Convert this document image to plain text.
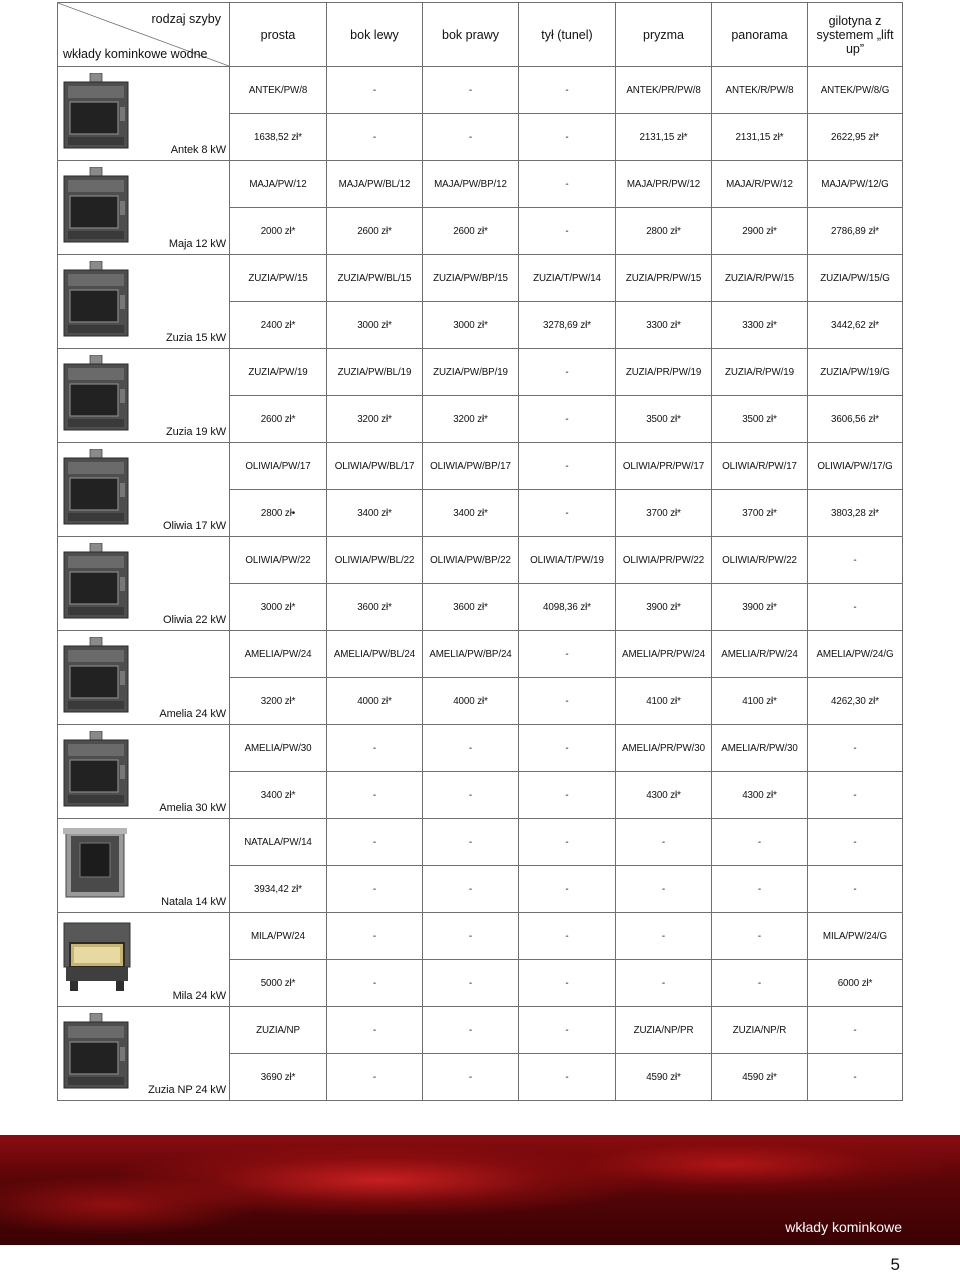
rodzaj szyby
wkłady kominkowe wodne	prosta	bok lewy	bok prawy	tył (tunel)	pryzma	panorama	gilotyna z systemem „lift up”

Antek 8 kW	ANTEK/PW/8	-	-	-	ANTEK/PR/PW/8	ANTEK/R/PW/8	ANTEK/PW/8/G
	1638,52 zł*	-	-	-	2131,15 zł*	2131,15 zł*	2622,95 zł*

Maja 12 kW	MAJA/PW/12	MAJA/PW/BL/12	MAJA/PW/BP/12	-	MAJA/PR/PW/12	MAJA/R/PW/12	MAJA/PW/12/G
	2000 zł*	2600 zł*	2600 zł*	-	2800 zł*	2900 zł*	2786,89 zł*

Zuzia 15 kW	ZUZIA/PW/15	ZUZIA/PW/BL/15	ZUZIA/PW/BP/15	ZUZIA/T/PW/14	ZUZIA/PR/PW/15	ZUZIA/R/PW/15	ZUZIA/PW/15/G
	2400 zł*	3000 zł*	3000 zł*	3278,69 zł*	3300 zł*	3300 zł*	3442,62 zł*

Zuzia 19 kW	ZUZIA/PW/19	ZUZIA/PW/BL/19	ZUZIA/PW/BP/19	-	ZUZIA/PR/PW/19	ZUZIA/R/PW/19	ZUZIA/PW/19/G
	2600 zł*	3200 zł*	3200 zł*	-	3500 zł*	3500 zł*	3606,56 zł*

Oliwia 17 kW	OLIWIA/PW/17	OLIWIA/PW/BL/17	OLIWIA/PW/BP/17	-	OLIWIA/PR/PW/17	OLIWIA/R/PW/17	OLIWIA/PW/17/G
	2800 zł•	3400 zł*	3400 zł*	-	3700 zł*	3700 zł*	3803,28 zł*

Oliwia 22 kW	OLIWIA/PW/22	OLIWIA/PW/BL/22	OLIWIA/PW/BP/22	OLIWIA/T/PW/19	OLIWIA/PR/PW/22	OLIWIA/R/PW/22	-
	3000 zł*	3600 zł*	3600 zł*	4098,36 zł*	3900 zł*	3900 zł*	-

Amelia 24 kW	AMELIA/PW/24	AMELIA/PW/BL/24	AMELIA/PW/BP/24	-	AMELIA/PR/PW/24	AMELIA/R/PW/24	AMELIA/PW/24/G
	3200 zł*	4000 zł*	4000 zł*	-	4100 zł*	4100 zł*	4262,30 zł*

Amelia 30 kW	AMELIA/PW/30	-	-	-	AMELIA/PR/PW/30	AMELIA/R/PW/30	-
	3400 zł*	-	-	-	4300 zł*	4300 zł*	-

Natala 14 kW	NATALA/PW/14	-	-	-	-	-	-
	3934,42 zł*	-	-	-	-	-	-

Mila 24 kW	MILA/PW/24	-	-	-	-	-	MILA/PW/24/G
	5000 zł*	-	-	-	-	-	6000 zł*

Zuzia NP 24 kW	ZUZIA/NP	-	-	-	ZUZIA/NP/PR	ZUZIA/NP/R	-
	3690 zł*	-	-	-	4590 zł*	4590 zł*	-
wkłady kominkowe
5
